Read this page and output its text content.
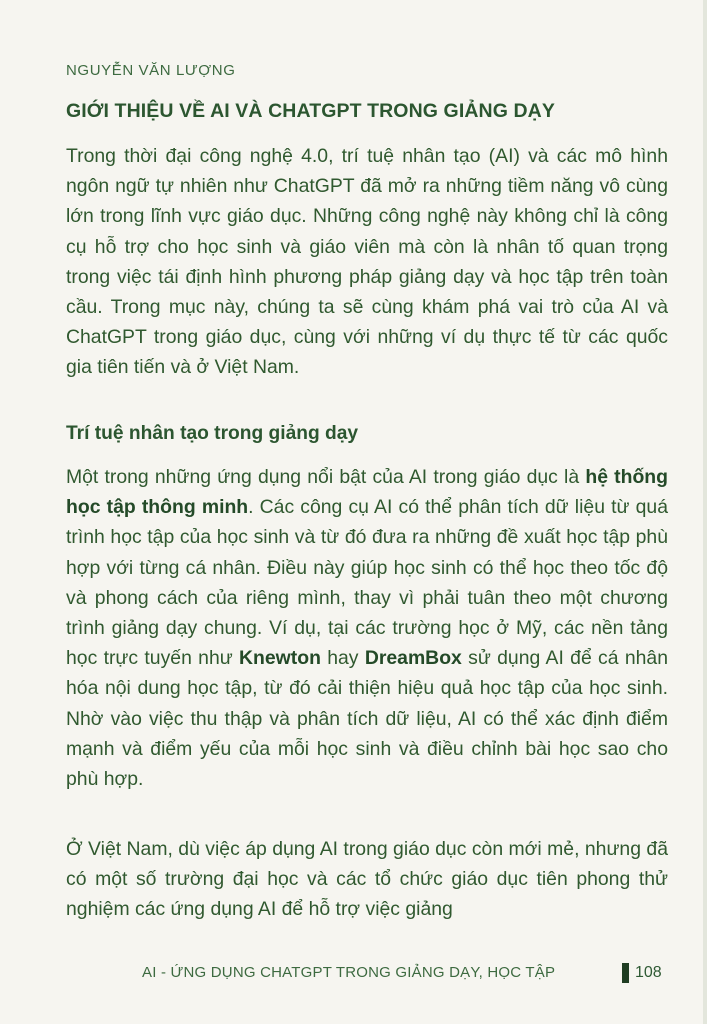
NGUYỄN VĂN LƯỢNG
GIỚI THIỆU VỀ AI VÀ CHATGPT TRONG GIẢNG DẠY

Trong thời đại công nghệ 4.0, trí tuệ nhân tạo (AI) và các mô hình ngôn ngữ tự nhiên như ChatGPT đã mở ra những tiềm năng vô cùng lớn trong lĩnh vực giáo dục. Những công nghệ này không chỉ là công cụ hỗ trợ cho học sinh và giáo viên mà còn là nhân tố quan trọng trong việc tái định hình phương pháp giảng dạy và học tập trên toàn cầu. Trong mục này, chúng ta sẽ cùng khám phá vai trò của AI và ChatGPT trong giáo dục, cùng với những ví dụ thực tế từ các quốc gia tiên tiến và ở Việt Nam.

Trí tuệ nhân tạo trong giảng dạy

Một trong những ứng dụng nổi bật của AI trong giáo dục là hệ thống học tập thông minh. Các công cụ AI có thể phân tích dữ liệu từ quá trình học tập của học sinh và từ đó đưa ra những đề xuất học tập phù hợp với từng cá nhân. Điều này giúp học sinh có thể học theo tốc độ và phong cách của riêng mình, thay vì phải tuân theo một chương trình giảng dạy chung. Ví dụ, tại các trường học ở Mỹ, các nền tảng học trực tuyến như Knewton hay DreamBox sử dụng AI để cá nhân hóa nội dung học tập, từ đó cải thiện hiệu quả học tập của học sinh. Nhờ vào việc thu thập và phân tích dữ liệu, AI có thể xác định điểm mạnh và điểm yếu của mỗi học sinh và điều chỉnh bài học sao cho phù hợp.

Ở Việt Nam, dù việc áp dụng AI trong giáo dục còn mới mẻ, nhưng đã có một số trường đại học và các tổ chức giáo dục tiên phong thử nghiệm các ứng dụng AI để hỗ trợ việc giảng

AI - ỨNG DỤNG CHATGPT TRONG GIẢNG DẠY, HỌC TẬP	108
